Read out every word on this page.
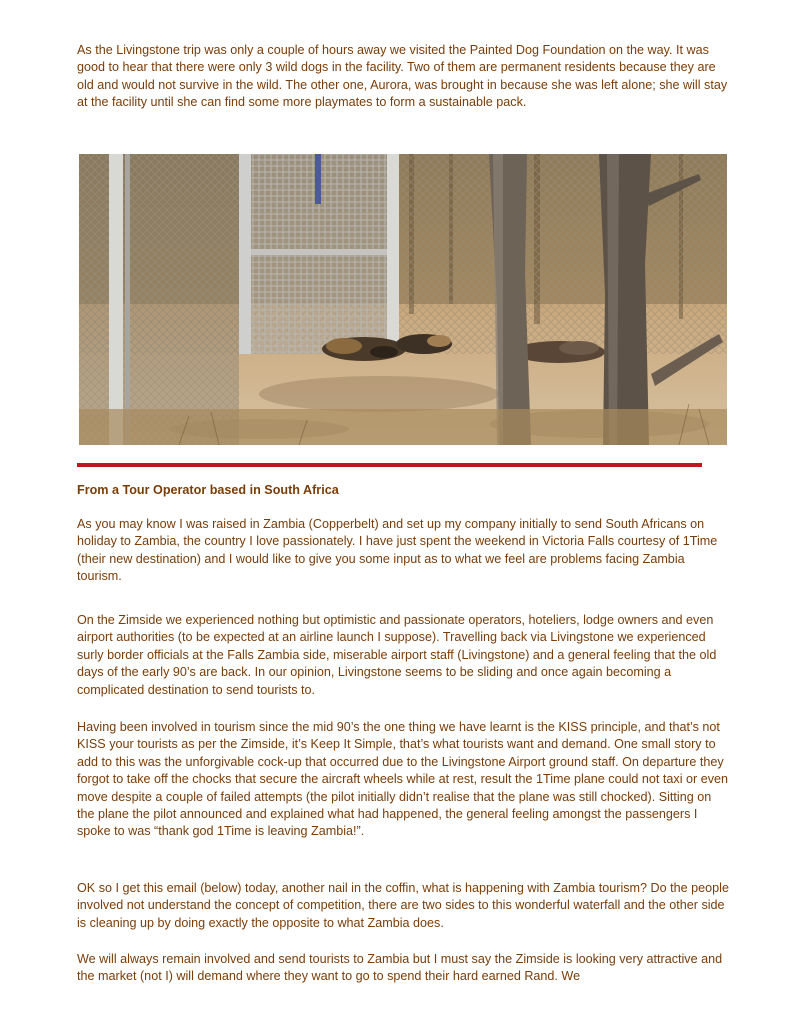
As the Livingstone trip was only a couple of hours away we visited the Painted Dog Foundation on the way. It was good to hear that there were only 3 wild dogs in the facility. Two of them are permanent residents because they are old and would not survive in the wild. The other one, Aurora, was brought in because she was left alone; she will stay at the facility until she can find some more playmates to form a sustainable pack.

From a Tour Operator based in South Africa

As you may know I was raised in Zambia (Copperbelt) and set up my company initially to send South Africans on holiday to Zambia, the country I love passionately. I have just spent the weekend in Victoria Falls courtesy of 1Time (their new destination) and I would like to give you some input as to what we feel are problems facing Zambia tourism.

On the Zimside we experienced nothing but optimistic and passionate operators, hoteliers, lodge owners and even airport authorities (to be expected at an airline launch I suppose). Travelling back via Livingstone we experienced surly border officials at the Falls Zambia side, miserable airport staff (Livingstone) and a general feeling that the old days of the early 90’s are back. In our opinion, Livingstone seems to be sliding and once again becoming a complicated destination to send tourists to.

Having been involved in tourism since the mid 90’s the one thing we have learnt is the KISS principle, and that’s not KISS your tourists as per the Zimside, it’s Keep It Simple, that’s what tourists want and demand. One small story to add to this was the unforgivable cock-up that occurred due to the Livingstone Airport ground staff. On departure they forgot to take off the chocks that secure the aircraft wheels while at rest, result the 1Time plane could not taxi or even move despite a couple of failed attempts (the pilot initially didn’t realise that the plane was still chocked). Sitting on the plane the pilot announced and explained what had happened, the general feeling amongst the passengers I spoke to was “thank god 1Time is leaving Zambia!”.

OK so I get this email (below) today, another nail in the coffin, what is happening with Zambia tourism? Do the people involved not understand the concept of competition, there are two sides to this wonderful waterfall and the other side is cleaning up by doing exactly the opposite to what Zambia does.

We will always remain involved and send tourists to Zambia but I must say the Zimside is looking very attractive and the market (not I) will demand where they want to go to spend their hard earned Rand. We
